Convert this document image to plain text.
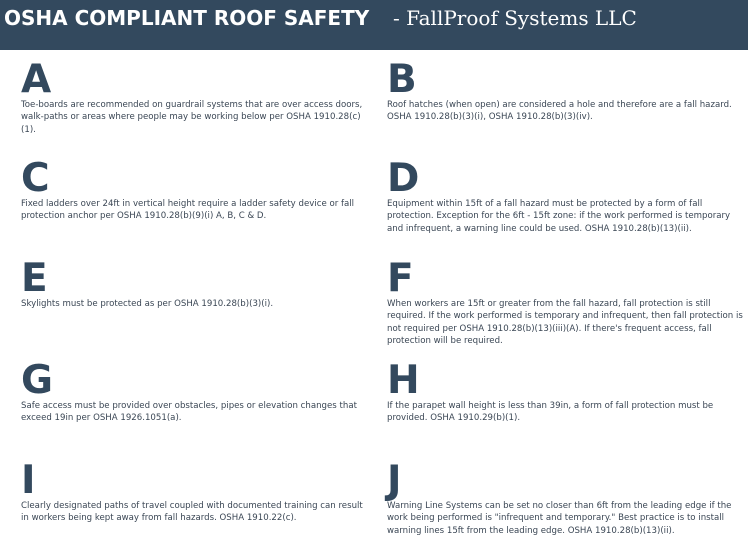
OSHA COMPLIANT ROOF SAFETY - FallProof Systems LLC
A
Toe-boards are recommended on guardrail systems that are over access doors, walk-paths or areas where people may be working below per OSHA 1910.28(c)(1).
B
Roof hatches (when open) are considered a hole and therefore are a fall hazard. OSHA 1910.28(b)(3)(i), OSHA 1910.28(b)(3)(iv).
C
Fixed ladders over 24ft in vertical height require a ladder safety device or fall protection anchor per OSHA 1910.28(b)(9)(i) A, B, C & D.
D
Equipment within 15ft of a fall hazard must be protected by a form of fall protection. Exception for the 6ft - 15ft zone: if the work performed is temporary and infrequent, a warning line could be used. OSHA 1910.28(b)(13)(ii).
E
Skylights must be protected as per OSHA 1910.28(b)(3)(i).
F
When workers are 15ft or greater from the fall hazard, fall protection is still required. If the work performed is temporary and infrequent, then fall protection is not required per OSHA 1910.28(b)(13)(iii)(A). If there's frequent access, fall protection will be required.
G
Safe access must be provided over obstacles, pipes or elevation changes that exceed 19in per OSHA 1926.1051(a).
H
If the parapet wall height is less than 39in, a form of fall protection must be provided. OSHA 1910.29(b)(1).
I
Clearly designated paths of travel coupled with documented training can result in workers being kept away from fall hazards. OSHA 1910.22(c).
J
Warning Line Systems can be set no closer than 6ft from the leading edge if the work being performed is "infrequent and temporary." Best practice is to install warning lines 15ft from the leading edge. OSHA 1910.28(b)(13)(ii).
